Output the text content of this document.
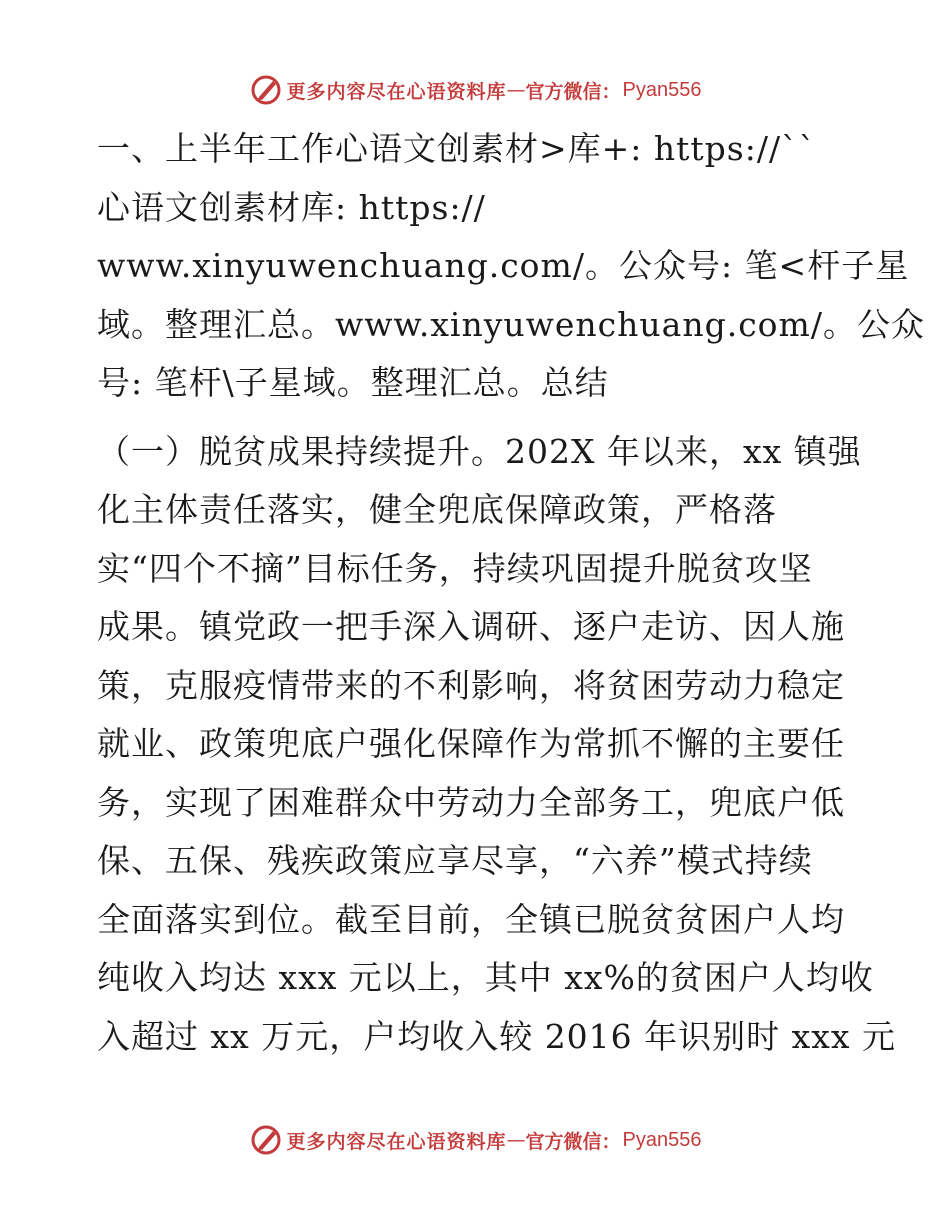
更多内容尽在心语资料库 — 官方微信： Pyan556
一、上半年工作心语文创素材>库+: https://``
心语文创素材库: https://
www.xinyuwenchuang.com/。公众号: 笔<杆子星
域。整理汇总。www.xinyuwenchuang.com/。公众
号: 笔杆\子星域。整理汇总。总结
（一）脱贫成果持续提升。202X 年以来，xx 镇强
化主体责任落实，健全兜底保障政策，严格落
实“四个不摘”目标任务，持续巩固提升脱贫攻坚
成果。镇党政一把手深入调研、逐户走访、因人施
策，克服疫情带来的不利影响，将贫困劳动力稳定
就业、政策兜底户强化保障作为常抓不懈的主要任
务，实现了困难群众中劳动力全部务工，兜底户低
保、五保、残疾政策应享尽享，“六养”模式持续
全面落实到位。截至目前，全镇已脱贫贫困户人均
纯收入均达 xxx 元以上，其中 xx%的贫困户人均收
入超过 xx 万元，户均收入较 2016 年识别时 xxx 元
更多内容尽在心语资料库 — 官方微信： Pyan556
